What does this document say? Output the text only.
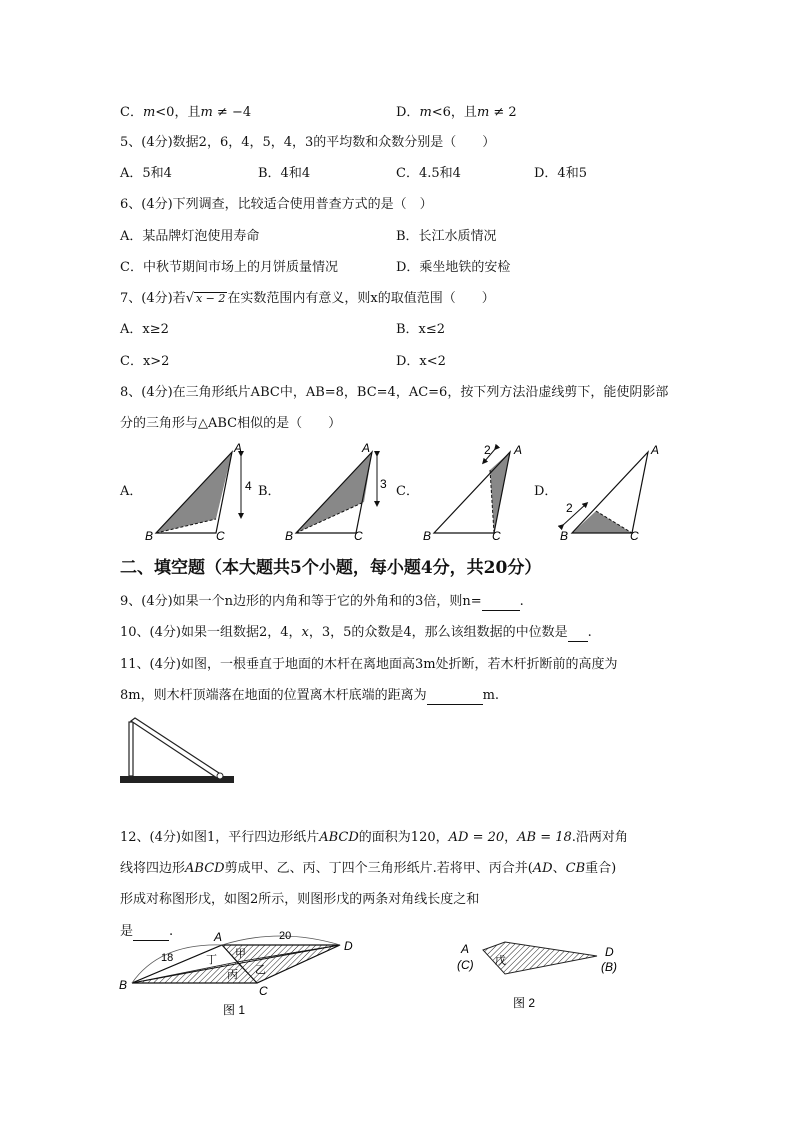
C．m<0，且m ≠ −4	D．m<6，且m ≠ 2
5、(4分)数据2，6，4，5，4，3的平均数和众数分别是（　　）
A．5和4	B．4和4	C．4.5和4	D．4和5
6、(4分)下列调查，比较适合使用普查方式的是（　）
A．某品牌灯泡使用寿命	B．长江水质情况
C．中秋节期间市场上的月饼质量情况	D．乘坐地铁的安检
7、(4分)若√ x − 2 在实数范围内有意义，则x的取值范围（　　）
A．x≥2	B．x≤2
C．x>2	D．x<2
8、(4分)在三角形纸片ABC中，AB=8，BC=4，AC=6，按下列方法沿虚线剪下，能使阴影部
分的三角形与△ABC相似的是（　　）
A．	B．	C．	D．
A
B	C
4
A
B	C
3
A
B	C
2	A
B	C
2
二、填空题（本大题共5个小题，每小题4分，共20分）
9、(4分)如果一个n边形的内角和等于它的外角和的3倍，则n=	.
10、(4分)如果一组数据2，4，x，3，5的众数是4，那么该组数据的中位数是 .
11、(4分)如图，一根垂直于地面的木杆在离地面高3m处折断，若木杆折断前的高度为
8m，则木杆顶端落在地面的位置离木杆底端的距离为	m.
12、(4分)如图1，平行四边形纸片ABCD的面积为120，AD = 20，AB = 18.沿两对角
线将四边形ABCD剪成甲、乙、丙、丁四个三角形纸片.若将甲、丙合并(AD、CB重合)
形成对称图形戊，如图2所示，则图形戊的两条对角线长度之和
是	.
18
20
A
B	C
D
甲
乙
丙
丁
图 1
A
(C)
D
(B)
戊
图 2
